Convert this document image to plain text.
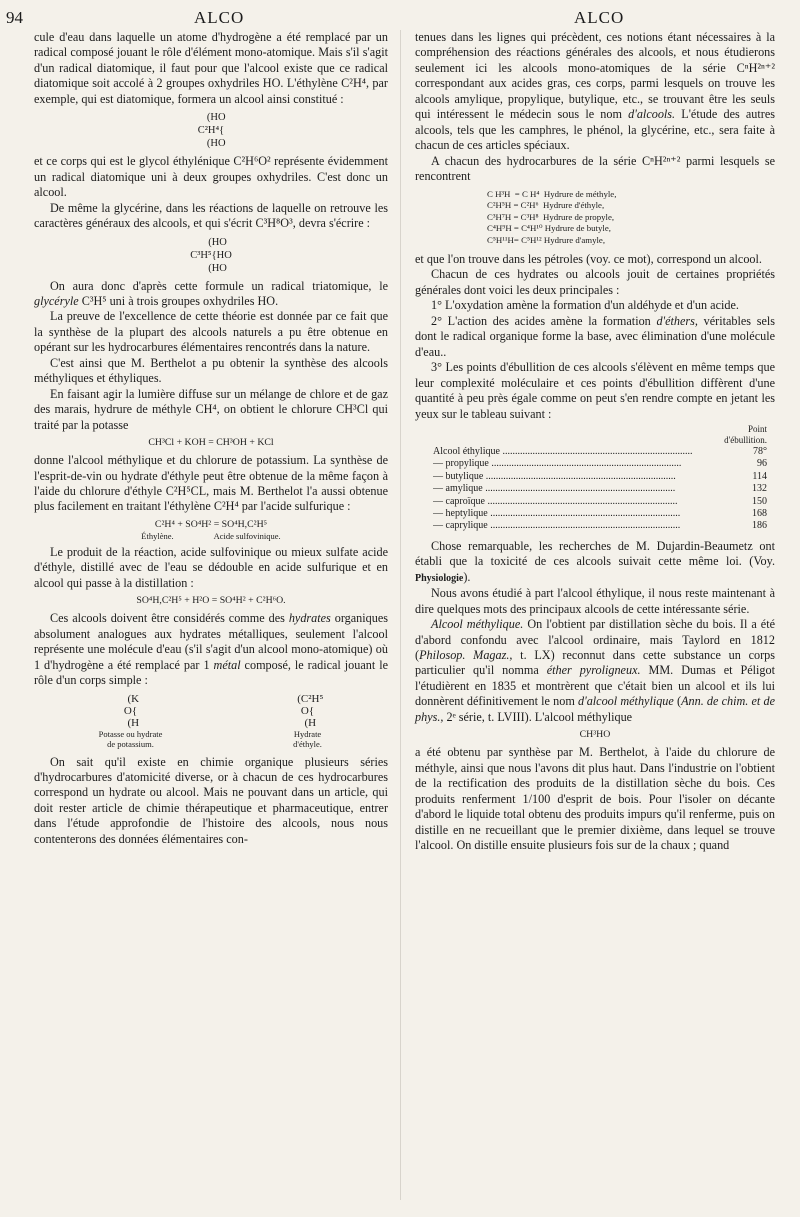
94	ALCO	ALCO

cule d'eau dans laquelle un atome d'hydrogène a été remplacé par un radical composé jouant le rôle d'élément mono-atomique. Mais s'il s'agit d'un radical diatomique, il faut pour que l'alcool existe que ce radical diatomique soit accolé à 2 groupes oxhydriles HO. L'éthylène C²H⁴, par exemple, qui est diatomique, formera un alcool ainsi constitué :

(HO
C²H⁴{
(HO

et ce corps qui est le glycol éthylénique C²H⁶O² représente évidemment un radical diatomique uni à deux groupes oxhydriles. C'est donc un alcool.

De même la glycérine, dans les réactions de laquelle on retrouve les caractères généraux des alcools, et qui s'écrit C³H⁸O³, devra s'écrire :

(HO
C³H⁵{HO
(HO

On aura donc d'après cette formule un radical triatomique, le glycéryle C³H⁵ uni à trois groupes oxhydriles HO.

La preuve de l'excellence de cette théorie est donnée par ce fait que la synthèse de la plupart des alcools naturels a pu être obtenue en opérant sur les hydrocarbures élémentaires rencontrés dans la nature.

C'est ainsi que M. Berthelot a pu obtenir la synthèse des alcools méthyliques et éthyliques.

En faisant agir la lumière diffuse sur un mélange de chlore et de gaz des marais, hydrure de méthyle CH⁴, on obtient le chlorure CH³Cl qui traité par la potasse

CH³Cl + KOH = CH³OH + KCl

donne l'alcool méthylique et du chlorure de potassium. La synthèse de l'esprit-de-vin ou hydrate d'éthyle peut être obtenue de la même façon à l'aide du chlorure d'éthyle C²H⁵CL, mais M. Berthelot l'a aussi obtenue plus facilement en traitant l'éthylène C²H⁴ par l'acide sulfurique :

C²H⁴ + SO⁴H² = SO⁴H,C²H⁵
Éthylène.	Acide sulfovinique.

Le produit de la réaction, acide sulfovinique ou mieux sulfate acide d'éthyle, distillé avec de l'eau se dédouble en acide sulfurique et en alcool qui passe à la distillation :

SO⁴H,C²H⁵ + H²O = SO⁴H² + C²H⁶O.

Ces alcools doivent être considérés comme des hydrates organiques absolument analogues aux hydrates métalliques, seulement l'alcool représente une molécule d'eau (s'il s'agit d'un alcool mono-atomique) où 1 d'hydrogène a été remplacé par 1 métal composé, le radical jouant le rôle d'un corps simple :

(K
O{
(H
Potasse ou hydrate
de potassium.
(C²H⁵
O{
(H
Hydrate
d'éthyle.

On sait qu'il existe en chimie organique plusieurs séries d'hydrocarbures d'atomicité diverse, or à chacun de ces hydrocarbures correspond un hydrate ou alcool. Mais ne pouvant dans un article, qui doit rester article de chimie thérapeutique et pharmaceutique, entrer dans l'étude approfondie de l'histoire des alcools, nous nous contenterons des données élémentaires con-

tenues dans les lignes qui précèdent, ces notions étant nécessaires à la compréhension des réactions générales des alcools, et nous étudierons seulement ici les alcools mono-atomiques de la série CⁿH²ⁿ⁺² correspondant aux acides gras, ces corps, parmi lesquels on trouve les alcools amylique, propylique, butylique, etc., se trouvant être les seuls qui intéressent le médecin sous le nom d'alcools. L'étude des autres alcools, tels que les camphres, le phénol, la glycérine, etc., sera faite à chacun de ces articles spéciaux.

A chacun des hydrocarbures de la série CⁿH²ⁿ⁺² parmi lesquels se rencontrent

C H³H  = C H⁴  Hydrure de méthyle,
C²H⁵H = C²H⁶  Hydrure d'éthyle,
C³H⁷H = C³H⁸  Hydrure de propyle,
C⁴H⁹H = C⁴H¹⁰ Hydrure de butyle,
C⁵H¹¹H= C⁵H¹² Hydrure d'amyle,

et que l'on trouve dans les pétroles (voy. ce mot), correspond un alcool.

Chacun de ces hydrates ou alcools jouit de certaines propriétés générales dont voici les deux principales :

1° L'oxydation amène la formation d'un aldéhyde et d'un acide.

2° L'action des acides amène la formation d'éthers, véritables sels dont le radical organique forme la base, avec élimination d'une molécule d'eau..

3° Les points d'ébullition de ces alcools s'élèvent en même temps que leur complexité moléculaire et ces points d'ébullition diffèrent d'une quantité à peu près égale comme on peut s'en rendre compte en jetant les yeux sur le tableau suivant :

Point
d'ébullition.
Alcool éthylique .....	78°
— propylique .....	96
— butylique .....	114
— amylique .....	132
— caproïque .....	150
— heptylique .....	168
— caprylique .....	186

Chose remarquable, les recherches de M. Dujardin-Beaumetz ont établi que la toxicité de ces alcools suivait cette même loi. (Voy. Physiologie).

Nous avons étudié à part l'alcool éthylique, il nous reste maintenant à dire quelques mots des principaux alcools de cette intéressante série.

Alcool méthylique. On l'obtient par distillation sèche du bois. Il a été d'abord confondu avec l'alcool ordinaire, mais Taylord en 1812 (Philosop. Magaz., t. LX) reconnut dans cette substance un corps particulier qu'il nomma éther pyroligneux. MM. Dumas et Péligot l'étudièrent en 1835 et montrèrent que c'était bien un alcool et ils lui donnèrent définitivement le nom d'alcool méthylique (Ann. de chim. et de phys., 2ᵉ série, t. LVIII). L'alcool méthylique

CH³HO

a été obtenu par synthèse par M. Berthelot, à l'aide du chlorure de méthyle, ainsi que nous l'avons dit plus haut. Dans l'industrie on l'obtient de la rectification des produits de la distillation sèche du bois. Ces produits renferment 1/100 d'esprit de bois. Pour l'isoler on décante d'abord le liquide total obtenu des produits impurs qu'il renferme, puis on distille en ne recueillant que le premier dixième, dans lequel se trouve l'alcool. On distille ensuite plusieurs fois sur de la chaux ; quand
